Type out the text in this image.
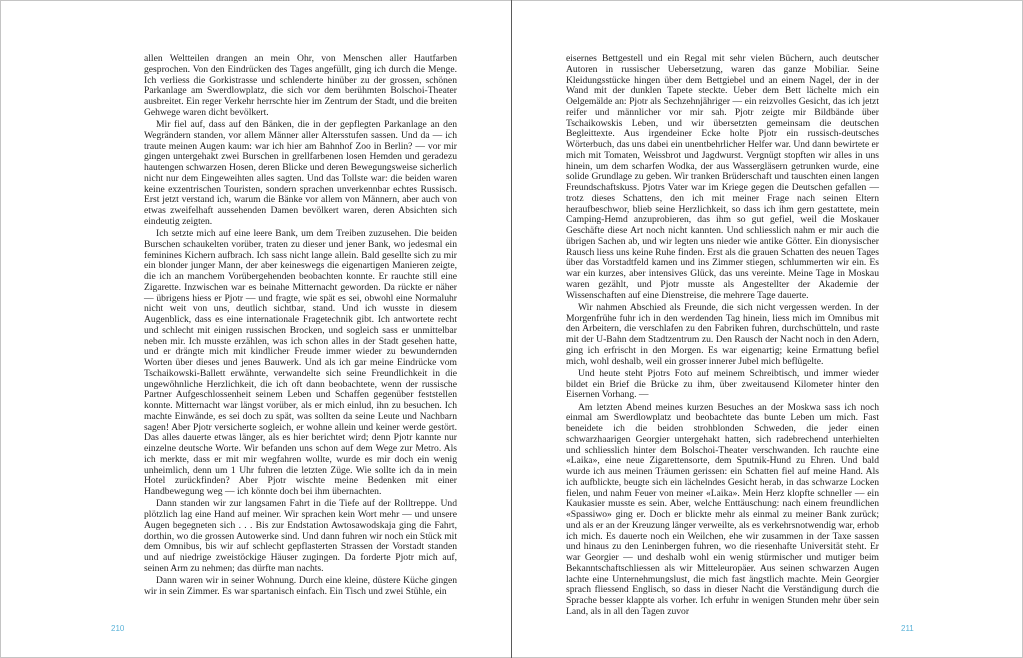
allen Weltteilen drangen an mein Ohr, von Menschen aller Hautfarben gesprochen. Von den Eindrücken des Tages angefüllt, ging ich durch die Menge. Ich verliess die Gorkistrasse und schlenderte hinüber zu der grossen, schönen Parkanlage am Swerdlowplatz, die sich vor dem berühmten Bolschoi-Theater ausbreitet. Ein reger Verkehr herrschte hier im Zentrum der Stadt, und die breiten Gehwege waren dicht bevölkert.

Mir fiel auf, dass auf den Bänken, die in der gepflegten Parkanlage an den Wegrändern standen, vor allem Männer aller Altersstufen sassen. Und da — ich traute meinen Augen kaum: war ich hier am Bahnhof Zoo in Berlin? — vor mir gingen untergehakt zwei Burschen in grellfarbenen losen Hemden und geradezu hautengen schwarzen Hosen, deren Blicke und deren Bewegungsweise sicherlich nicht nur dem Eingeweihten alles sagten. Und das Tollste war: die beiden waren keine exzentrischen Touristen, sondern sprachen unverkennbar echtes Russisch. Erst jetzt verstand ich, warum die Bänke vor allem von Männern, aber auch von etwas zweifelhaft aussehenden Damen bevölkert waren, deren Absichten sich eindeutig zeigten.

Ich setzte mich auf eine leere Bank, um dem Treiben zuzusehen. Die beiden Burschen schaukelten vorüber, traten zu dieser und jener Bank, wo jedesmal ein feminines Kichern aufbrach. Ich sass nicht lange allein. Bald gesellte sich zu mir ein blonder junger Mann, der aber keineswegs die eigenartigen Manieren zeigte, die ich an manchem Vorübergehenden beobachten konnte. Er rauchte still eine Zigarette. Inzwischen war es beinahe Mitternacht geworden. Da rückte er näher — übrigens hiess er Pjotr — und fragte, wie spät es sei, obwohl eine Normaluhr nicht weit von uns, deutlich sichtbar, stand. Und ich wusste in diesem Augenblick, dass es eine internationale Fragetechnik gibt. Ich antwortete recht und schlecht mit einigen russischen Brocken, und sogleich sass er unmittelbar neben mir. Ich musste erzählen, was ich schon alles in der Stadt gesehen hatte, und er drängte mich mit kindlicher Freude immer wieder zu bewundernden Worten über dieses und jenes Bauwerk. Und als ich gar meine Eindrücke vom Tschaikowski-Ballett erwähnte, verwandelte sich seine Freundlichkeit in die ungewöhnliche Herzlichkeit, die ich oft dann beobachtete, wenn der russische Partner Aufgeschlossenheit seinem Leben und Schaffen gegenüber feststellen konnte. Mitternacht war längst vorüber, als er mich einlud, ihn zu besuchen. Ich machte Einwände, es sei doch zu spät, was sollten da seine Leute und Nachbarn sagen! Aber Pjotr versicherte sogleich, er wohne allein und keiner werde gestört. Das alles dauerte etwas länger, als es hier berichtet wird; denn Pjotr kannte nur einzelne deutsche Worte. Wir befanden uns schon auf dem Wege zur Metro. Als ich merkte, dass er mit mir wegfahren wollte, wurde es mir doch ein wenig unheimlich, denn um 1 Uhr fuhren die letzten Züge. Wie sollte ich da in mein Hotel zurückfinden? Aber Pjotr wischte meine Bedenken mit einer Handbewegung weg — ich könnte doch bei ihm übernachten.

Dann standen wir zur langsamen Fahrt in die Tiefe auf der Rolltreppe. Und plötzlich lag eine Hand auf meiner. Wir sprachen kein Wort mehr — und unsere Augen begegneten sich . . . Bis zur Endstation Awtosawodskaja ging die Fahrt, dorthin, wo die grossen Autowerke sind. Und dann fuhren wir noch ein Stück mit dem Omnibus, bis wir auf schlecht gepflasterten Strassen der Vorstadt standen und auf niedrige zweistöckige Häuser zugingen. Da forderte Pjotr mich auf, seinen Arm zu nehmen; das dürfte man nachts.

Dann waren wir in seiner Wohnung. Durch eine kleine, düstere Küche gingen wir in sein Zimmer. Es war spartanisch einfach. Ein Tisch und zwei Stühle, ein

eisernes Bettgestell und ein Regal mit sehr vielen Büchern, auch deutscher Autoren in russischer Uebersetzung, waren das ganze Mobiliar. Seine Kleidungsstücke hingen über dem Bettgiebel und an einem Nagel, der in der Wand mit der dunklen Tapete steckte. Ueber dem Bett lächelte mich ein Oelgemälde an: Pjotr als Sechzehnjähriger — ein reizvolles Gesicht, das ich jetzt reifer und männlicher vor mir sah. Pjotr zeigte mir Bildbände über Tschaikowskis Leben, und wir übersetzten gemeinsam die deutschen Begleittexte. Aus irgendeiner Ecke holte Pjotr ein russisch-deutsches Wörterbuch, das uns dabei ein unentbehrlicher Helfer war. Und dann bewirtete er mich mit Tomaten, Weissbrot und Jagdwurst. Vergnügt stopften wir alles in uns hinein, um dem scharfen Wodka, der aus Wassergläsern getrunken wurde, eine solide Grundlage zu geben. Wir tranken Brüderschaft und tauschten einen langen Freundschaftskuss. Pjotrs Vater war im Kriege gegen die Deutschen gefallen — trotz dieses Schattens, den ich mit meiner Frage nach seinen Eltern heraufbeschwor, blieb seine Herzlichkeit, so dass ich ihm gern gestattete, mein Camping-Hemd anzuprobieren, das ihm so gut gefiel, weil die Moskauer Geschäfte diese Art noch nicht kannten. Und schliesslich nahm er mir auch die übrigen Sachen ab, und wir legten uns nieder wie antike Götter. Ein dionysischer Rausch liess uns keine Ruhe finden. Erst als die grauen Schatten des neuen Tages über das Vorstadtfeld kamen und ins Zimmer stiegen, schlummerten wir ein. Es war ein kurzes, aber intensives Glück, das uns vereinte. Meine Tage in Moskau waren gezählt, und Pjotr musste als Angestellter der Akademie der Wissenschaften auf eine Dienstreise, die mehrere Tage dauerte.

Wir nahmen Abschied als Freunde, die sich nicht vergessen werden. In der Morgenfrühe fuhr ich in den werdenden Tag hinein, liess mich im Omnibus mit den Arbeitern, die verschlafen zu den Fabriken fuhren, durchschütteln, und raste mit der U-Bahn dem Stadtzentrum zu. Den Rausch der Nacht noch in den Adern, ging ich erfrischt in den Morgen. Es war eigenartig; keine Ermattung befiel mich, wohl deshalb, weil ein grosser innerer Jubel mich beflügelte.

Und heute steht Pjotrs Foto auf meinem Schreibtisch, und immer wieder bildet ein Brief die Brücke zu ihm, über zweitausend Kilometer hinter den Eisernen Vorhang. —

Am letzten Abend meines kurzen Besuches an der Moskwa sass ich noch einmal am Swerdlowplatz und beobachtete das bunte Leben um mich. Fast beneidete ich die beiden strohblonden Schweden, die jeder einen schwarzhaarigen Georgier untergehakt hatten, sich radebrechend unterhielten und schliesslich hinter dem Bolschoi-Theater verschwanden. Ich rauchte eine «Laika», eine neue Zigarettensorte, dem Sputnik-Hund zu Ehren. Und bald wurde ich aus meinen Träumen gerissen: ein Schatten fiel auf meine Hand. Als ich aufblickte, beugte sich ein lächelndes Gesicht herab, in das schwarze Locken fielen, und nahm Feuer von meiner «Laika». Mein Herz klopfte schneller — ein Kaukasier musste es sein. Aber, welche Enttäuschung: nach einem freundlichen «Spassiwo» ging er. Doch er blickte mehr als einmal zu meiner Bank zurück; und als er an der Kreuzung länger verweilte, als es verkehrsnotwendig war, erhob ich mich. Es dauerte noch ein Weilchen, ehe wir zusammen in der Taxe sassen und hinaus zu den Leninbergen fuhren, wo die riesenhafte Universität steht. Er war Georgier — und deshalb wohl ein wenig stürmischer und mutiger beim Bekanntschaftschliessen als wir Mitteleuropäer. Aus seinen schwarzen Augen lachte eine Unternehmungslust, die mich fast ängstlich machte. Mein Georgier sprach fliessend Englisch, so dass in dieser Nacht die Verständigung durch die Sprache besser klappte als vorher. Ich erfuhr in wenigen Stunden mehr über sein Land, als in all den Tagen zuvor

210	211
